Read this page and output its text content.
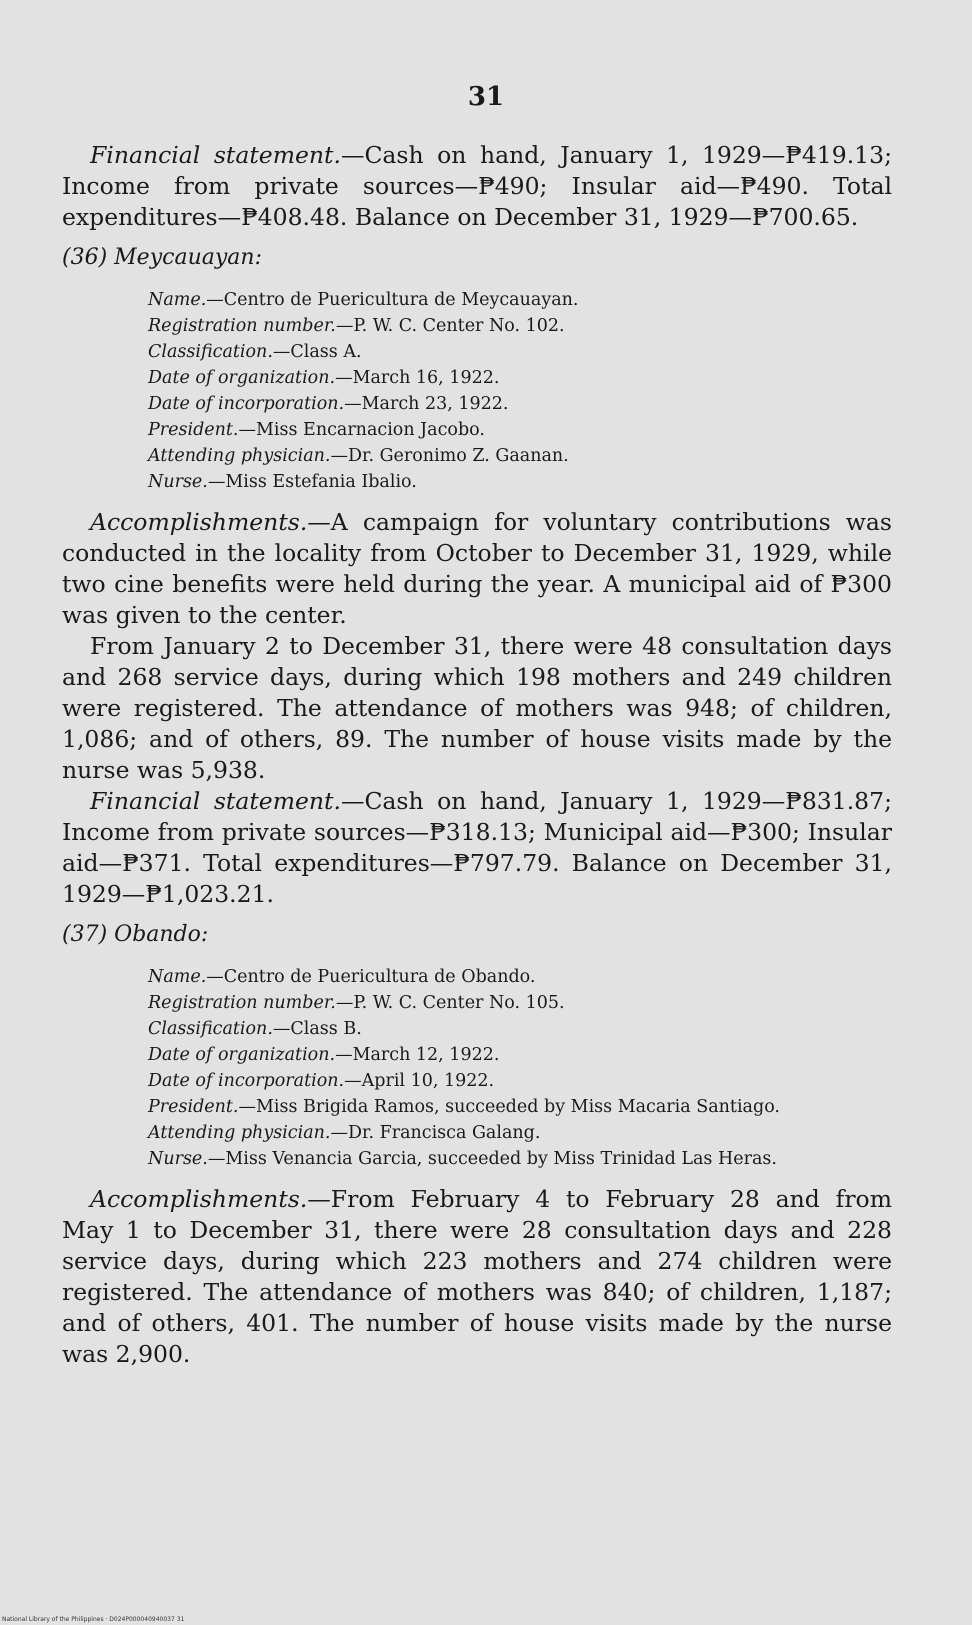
31

Financial statement.—Cash on hand, January 1, 1929—₱419.13; Income from private sources—₱490; Insular aid—₱490. Total expenditures—₱408.48. Balance on December 31, 1929—₱700.65.

(36) Meycauayan:
Name.—Centro de Puericultura de Meycauayan.
Registration number.—P. W. C. Center No. 102.
Classification.—Class A.
Date of organization.—March 16, 1922.
Date of incorporation.—March 23, 1922.
President.—Miss Encarnacion Jacobo.
Attending physician.—Dr. Geronimo Z. Gaanan.
Nurse.—Miss Estefania Ibalio.

Accomplishments.—A campaign for voluntary contributions was conducted in the locality from October to December 31, 1929, while two cine benefits were held during the year. A municipal aid of ₱300 was given to the center.

From January 2 to December 31, there were 48 consultation days and 268 service days, during which 198 mothers and 249 children were registered. The attendance of mothers was 948; of children, 1,086; and of others, 89. The number of house visits made by the nurse was 5,938.

Financial statement.—Cash on hand, January 1, 1929—₱831.87; Income from private sources—₱318.13; Municipal aid—₱300; Insular aid—₱371. Total expenditures—₱797.79. Balance on December 31, 1929—₱1,023.21.

(37) Obando:
Name.—Centro de Puericultura de Obando.
Registration number.—P. W. C. Center No. 105.
Classification.—Class B.
Date of organization.—March 12, 1922.
Date of incorporation.—April 10, 1922.
President.—Miss Brigida Ramos, succeeded by Miss Macaria Santiago.
Attending physician.—Dr. Francisca Galang.
Nurse.—Miss Venancia Garcia, succeeded by Miss Trinidad Las Heras.

Accomplishments.—From February 4 to February 28 and from May 1 to December 31, there were 28 consultation days and 228 service days, during which 223 mothers and 274 children were registered. The attendance of mothers was 840; of children, 1,187; and of others, 401. The number of house visits made by the nurse was 2,900.

National Library of the Philippines · D024P000040940037 31
